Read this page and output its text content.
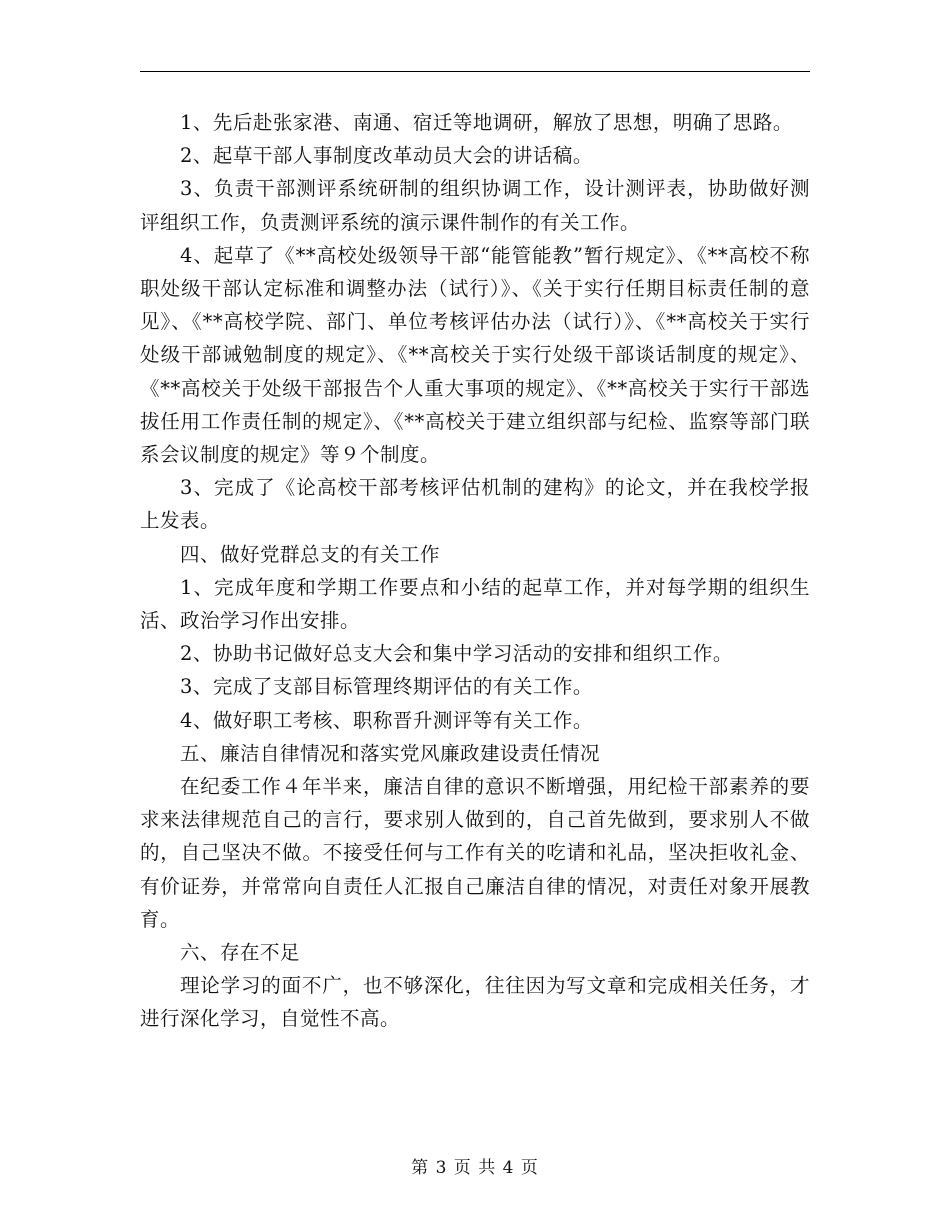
1、先后赴张家港、南通、宿迁等地调研，解放了思想，明确了思路。

2、起草干部人事制度改革动员大会的讲话稿。

3、负责干部测评系统研制的组织协调工作，设计测评表，协助做好测评组织工作，负责测评系统的演示课件制作的有关工作。

4、起草了《**高校处级领导干部“能管能教”暂行规定》、《**高校不称职处级干部认定标准和调整办法（试行）》、《关于实行任期目标责任制的意见》、《**高校学院、部门、单位考核评估办法（试行）》、《**高校关于实行处级干部诫勉制度的规定》、《**高校关于实行处级干部谈话制度的规定》、《**高校关于处级干部报告个人重大事项的规定》、《**高校关于实行干部选拔任用工作责任制的规定》、《**高校关于建立组织部与纪检、监察等部门联系会议制度的规定》等９个制度。

3、完成了《论高校干部考核评估机制的建构》的论文，并在我校学报上发表。

四、做好党群总支的有关工作

1、完成年度和学期工作要点和小结的起草工作，并对每学期的组织生活、政治学习作出安排。

2、协助书记做好总支大会和集中学习活动的安排和组织工作。

3、完成了支部目标管理终期评估的有关工作。

4、做好职工考核、职称晋升测评等有关工作。

五、廉洁自律情况和落实党风廉政建设责任情况

在纪委工作４年半来，廉洁自律的意识不断增强，用纪检干部素养的要求来法律规范自己的言行，要求别人做到的，自己首先做到，要求别人不做的，自己坚决不做。不接受任何与工作有关的吃请和礼品，坚决拒收礼金、有价证券，并常常向自责任人汇报自己廉洁自律的情况，对责任对象开展教育。

六、存在不足

理论学习的面不广，也不够深化，往往因为写文章和完成相关任务，才进行深化学习，自觉性不高。

第 3 页 共 4 页
